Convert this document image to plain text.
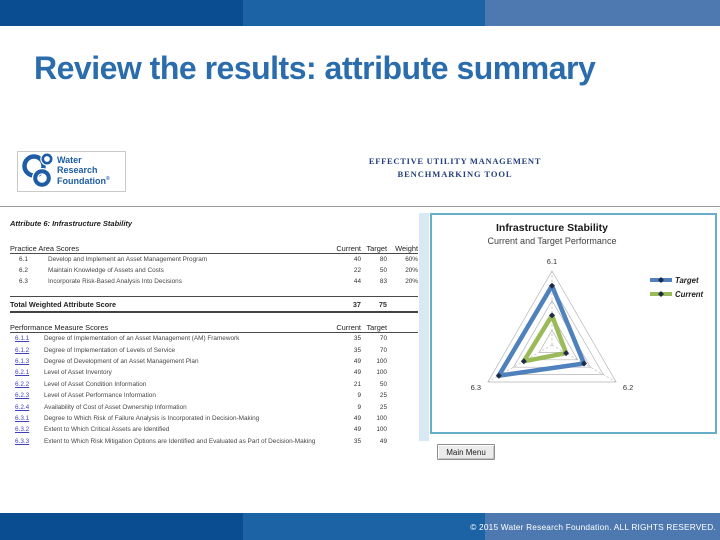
Review the results: attribute summary
Water
Research
Foundation®
EFFECTIVE UTILITY MANAGEMENT
BENCHMARKING TOOL
Attribute 6: Infrastructure Stability
Practice Area Scores	Current Target	Weight
6.1	Develop and Implement an Asset Management Program	40	80	60%
6.2	Maintain Knowledge of Assets and Costs	22	50	20%
6.3	Incorporate Risk-Based Analysis Into Decisions	44	83	20%
Total Weighted Attribute Score	37	75
Performance Measure Scores	Current Target
6.1.1	Degree of Implementation of an Asset Management (AM) Framework	35	70
6.1.2	Degree of Implementation of Levels of Service	35	70
6.1.3	Degree of Development of an Asset Management Plan	49	100
6.2.1	Level of Asset Inventory	49	100
6.2.2	Level of Asset Condition Information	21	50
6.2.3	Level of Asset Performance Information	9	25
6.2.4	Availability of Cost of Asset Ownership Information	9	25
6.3.1	Degree to Which Risk of Failure Analysis is Incorporated in Decision-Making	49	100
6.3.2	Extent to Which Critical Assets are Identified	49	100
6.3.3	Extent to Which Risk Mitigation Options are Identified and Evaluated as Part of Decision-Making	35	49
6.1
6.2
6.3
Target
Current
Infrastructure Stability
Current and Target Performance
Main Menu
© 2015 Water Research Foundation. ALL RIGHTS RESERVED.
